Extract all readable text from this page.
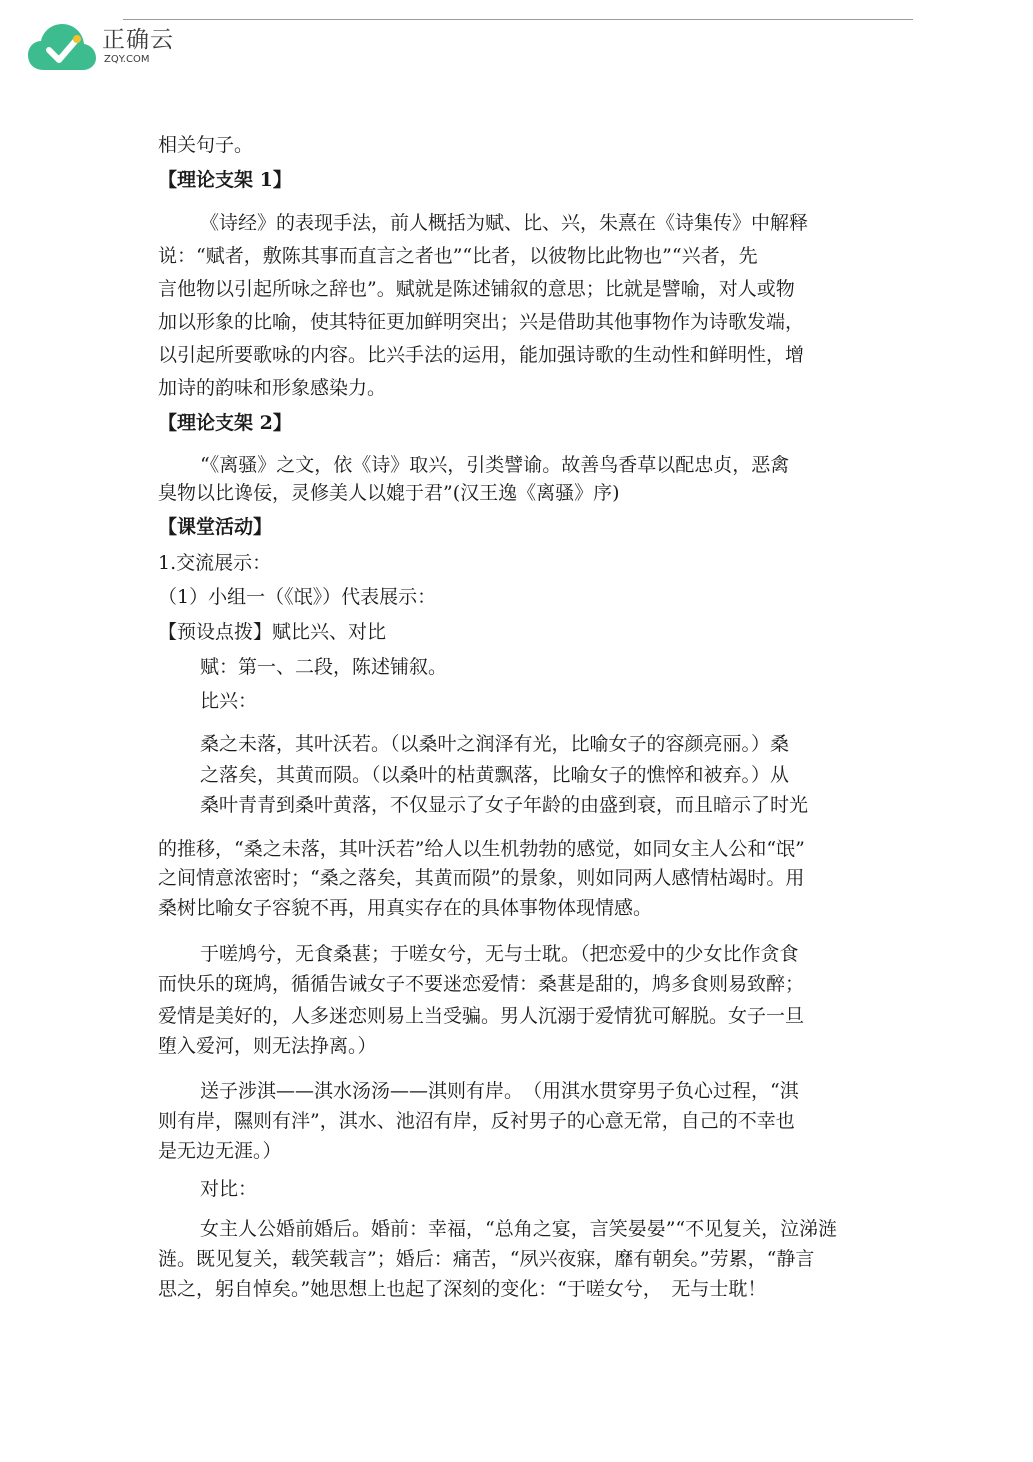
正确云
ZQY.COM
相关句子。
【理论支架 1】
《诗经》的表现手法，前人概括为赋、比、兴，朱熹在《诗集传》中解释
说：“赋者，敷陈其事而直言之者也”“比者，以彼物比此物也”“兴者，先
言他物以引起所咏之辞也”。赋就是陈述铺叙的意思；比就是譬喻，对人或物
加以形象的比喻，使其特征更加鲜明突出；兴是借助其他事物作为诗歌发端，
以引起所要歌咏的内容。比兴手法的运用，能加强诗歌的生动性和鲜明性，增
加诗的韵味和形象感染力。
【理论支架 2】
“《离骚》之文，依《诗》取兴，引类譬谕。故善鸟香草以配忠贞，恶禽
臭物以比谗佞，灵修美人以媲于君”(汉王逸《离骚》序)
【课堂活动】
1.交流展示：
（1）小组一（《氓》）代表展示：
【预设点拨】赋比兴、对比
赋：第一、二段，陈述铺叙。
比兴：
桑之未落，其叶沃若。（以桑叶之润泽有光，比喻女子的容颜亮丽。）桑
之落矣，其黄而陨。（以桑叶的枯黄飘落，比喻女子的憔悴和被弃。）从
桑叶青青到桑叶黄落，不仅显示了女子年龄的由盛到衰，而且暗示了时光
的推移，“桑之未落，其叶沃若”给人以生机勃勃的感觉，如同女主人公和“氓”
之间情意浓密时；“桑之落矣，其黄而陨”的景象，则如同两人感情枯竭时。用
桑树比喻女子容貌不再，用真实存在的具体事物体现情感。
于嗟鸠兮，无食桑葚；于嗟女兮，无与士耽。（把恋爱中的少女比作贪食
而快乐的斑鸠，循循告诫女子不要迷恋爱情：桑葚是甜的，鸠多食则易致醉；
爱情是美好的，人多迷恋则易上当受骗。男人沉溺于爱情犹可解脱。女子一旦
堕入爱河，则无法挣离。）
送子涉淇——淇水汤汤——淇则有岸。　（用淇水贯穿男子负心过程，“淇
则有岸，隰则有泮”，淇水、池沼有岸，反衬男子的心意无常，自己的不幸也
是无边无涯。）
对比：
女主人公婚前婚后。婚前：幸福，“总角之宴，言笑晏晏”“不见复关，泣涕涟
涟。既见复关，载笑载言”；婚后：痛苦，“夙兴夜寐，靡有朝矣。”劳累，“静言
思之，躬自悼矣。”她思想上也起了深刻的变化：“于嗟女兮，　无与士耽！
